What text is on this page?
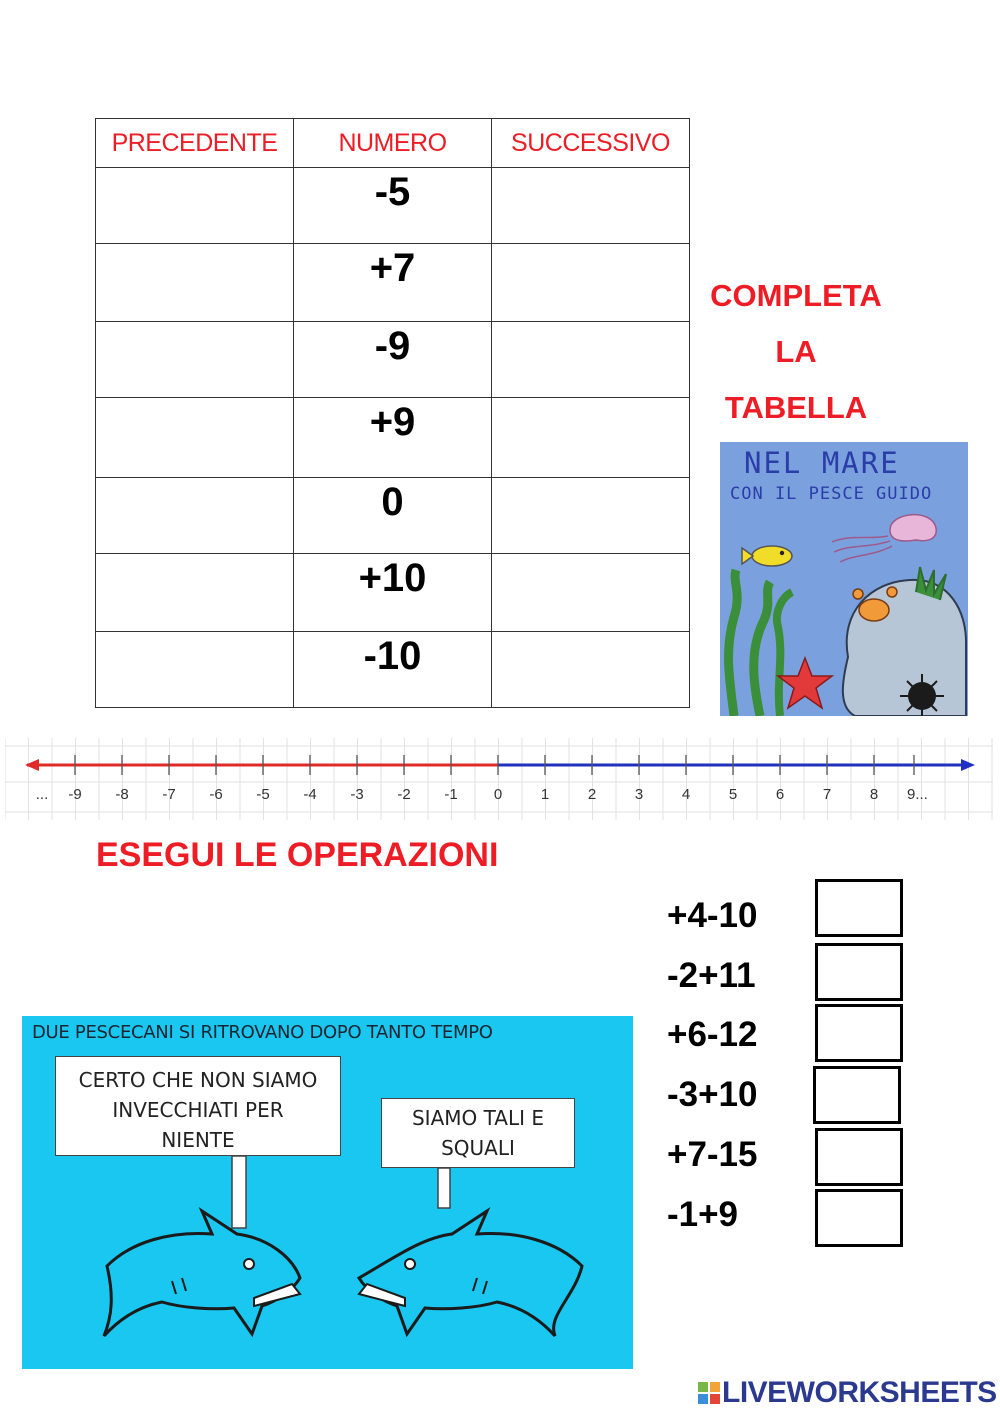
PRECEDENTE	NUMERO	SUCCESSIVO

	-5	

	+7	

	-9	

	+9	

	0	

	+10	

	-10	
COMPLETA
LA
TABELLA
NEL MARE
CON IL PESCE GUIDO
...	-9	-8	-7	-6	-5	-4	-3	-2	-1	0	1	2	3	4	5	6	7	8	9...
ESEGUI LE OPERAZIONI
+4-10
-2+11
+6-12
-3+10
+7-15
-1+9
DUE PESCECANI SI RITROVANO DOPO TANTO TEMPO
CERTO CHE NON SIAMO
INVECCHIATI PER
NIENTE
SIAMO TALI E
SQUALI
LIVEWORKSHEETS
